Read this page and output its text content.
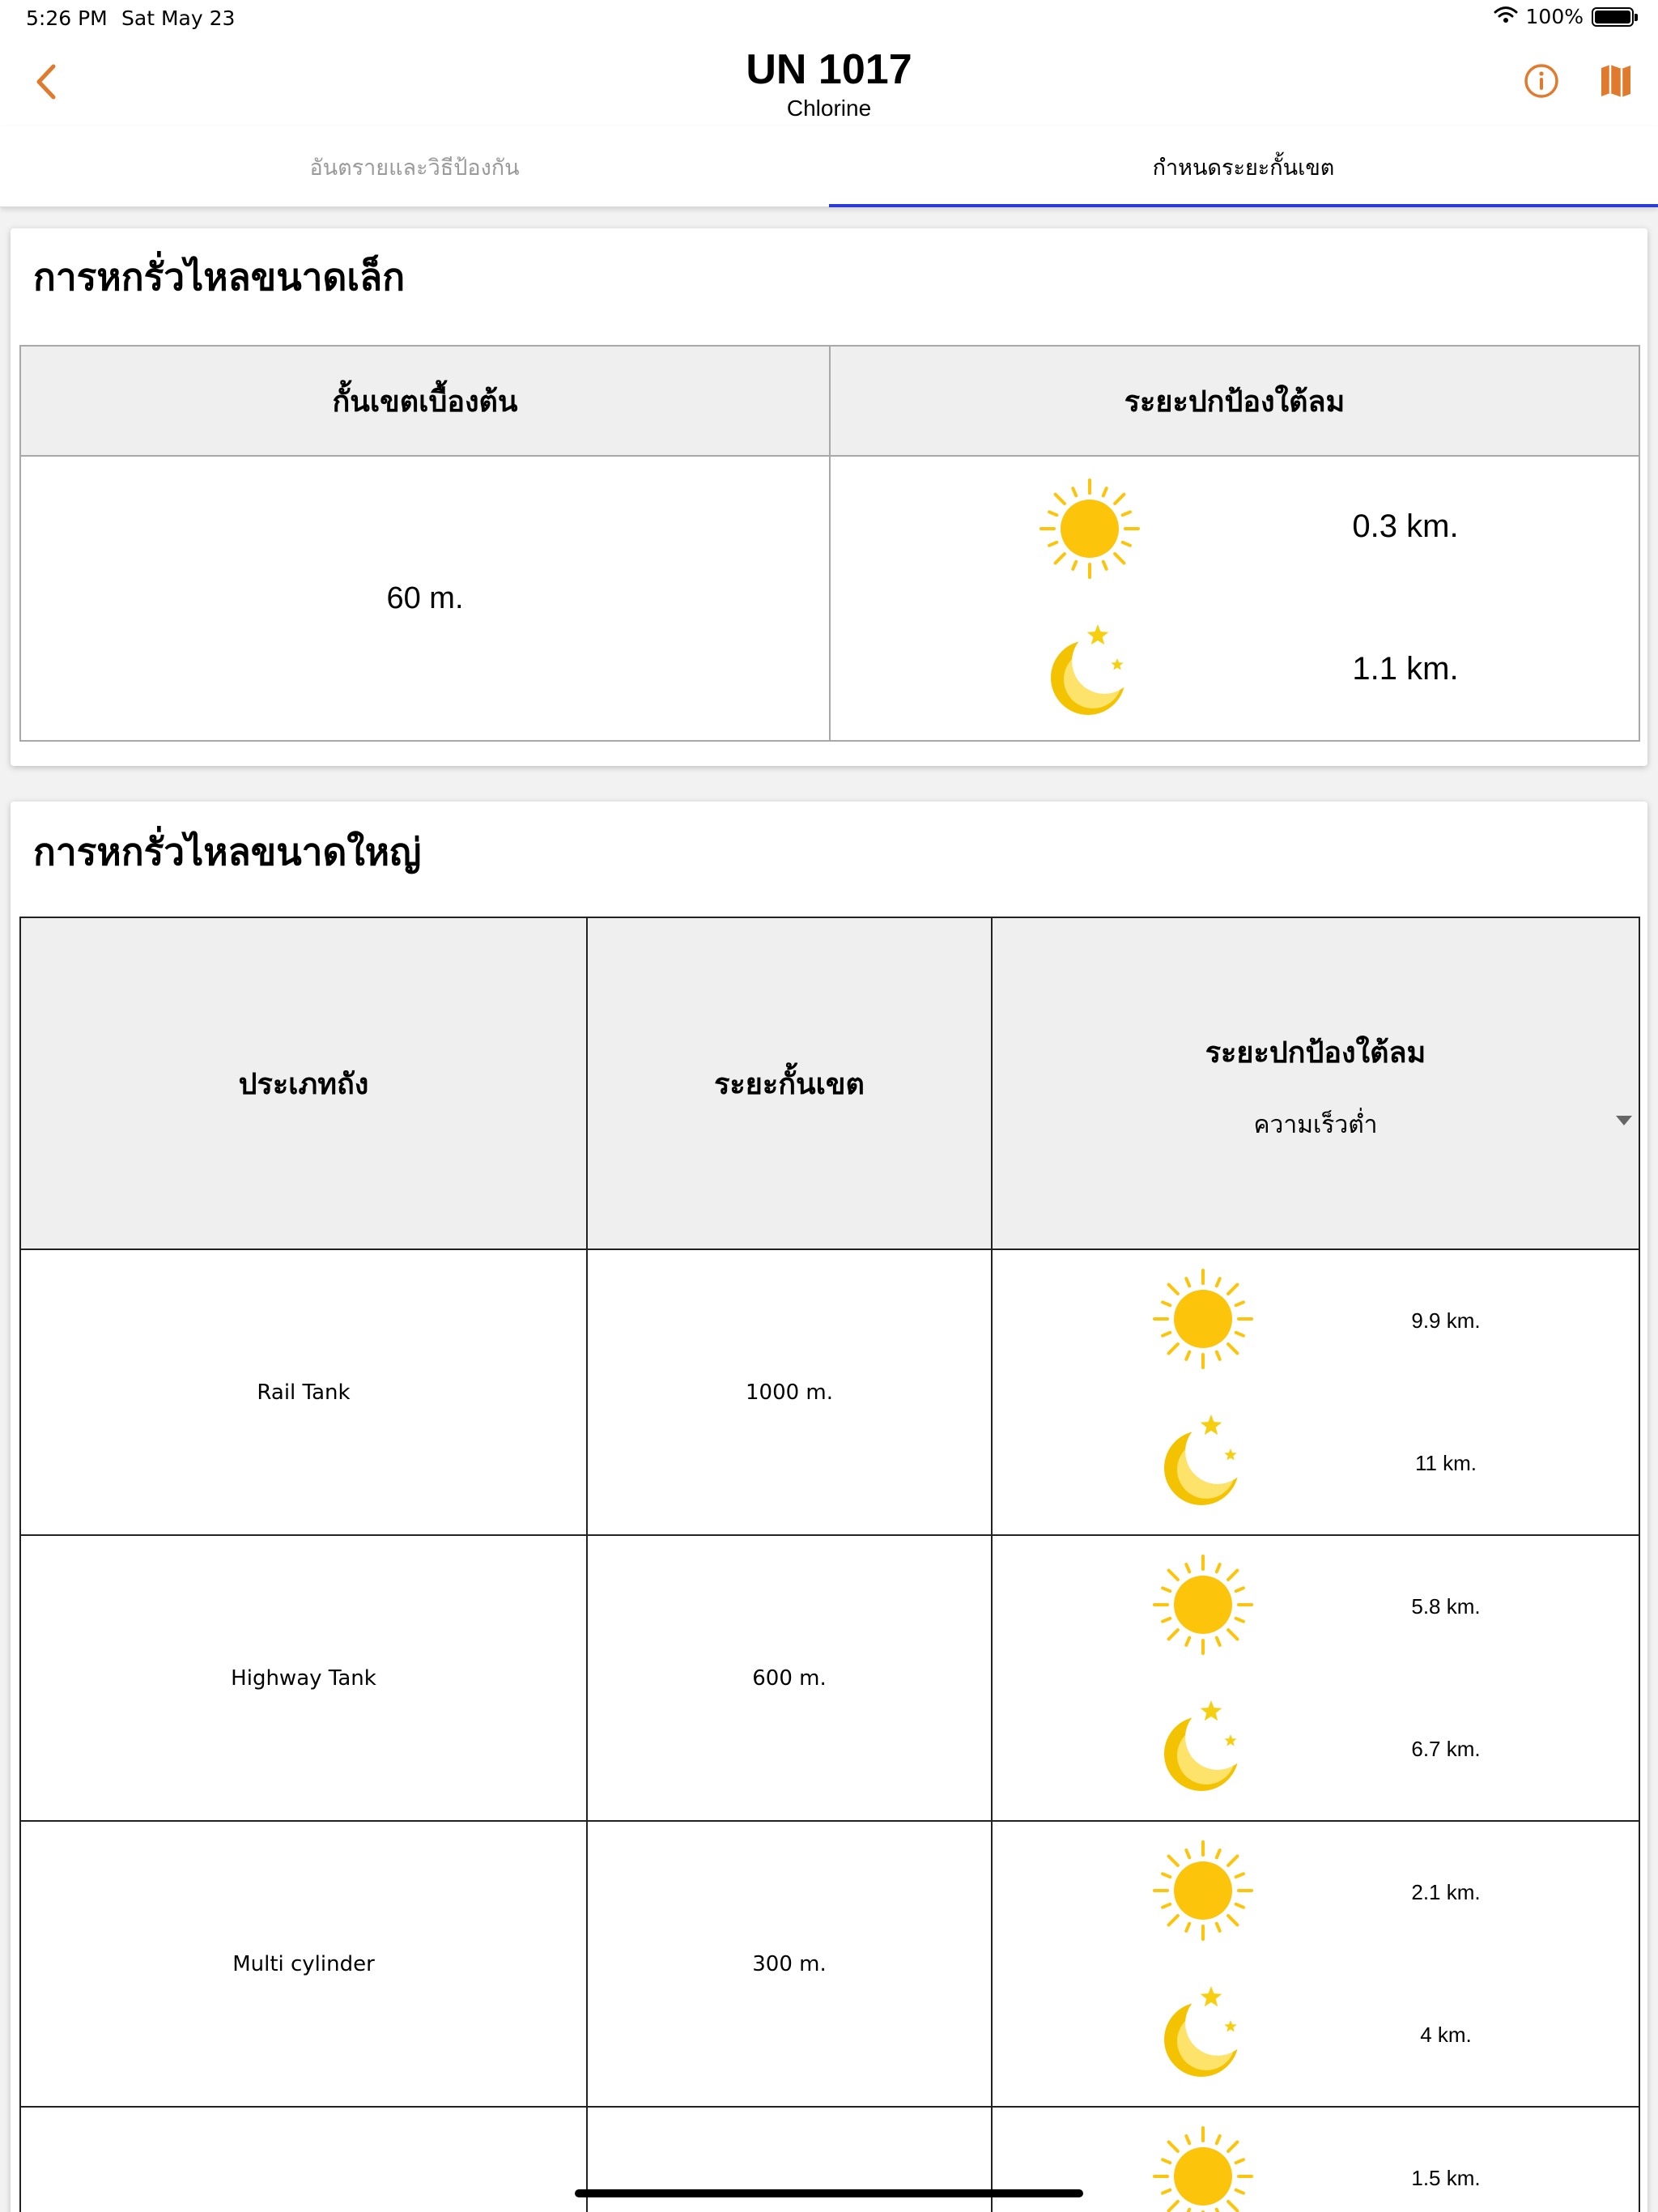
5:26 PM Sat May 23	100%
UN 1017
Chlorine
อันตรายและวิธีป้องกัน	กำหนดระยะกั้นเขต
การหกรั่วไหลขนาดเล็ก
กั้นเขตเบื้องต้น	ระยะปกป้องใต้ลม
60 m.	0.3 km.
1.1 km.
การหกรั่วไหลขนาดใหญ่
ประเภทถัง	ระยะกั้นเขต	ระยะปกป้องใต้ลม
ความเร็วต่ำ

Rail Tank	1000 m.	9.9 km.
11 km.

Highway Tank	600 m.	5.8 km.
6.7 km.

Multi cylinder	300 m.	2.1 km.
4 km.

		1.5 km.
